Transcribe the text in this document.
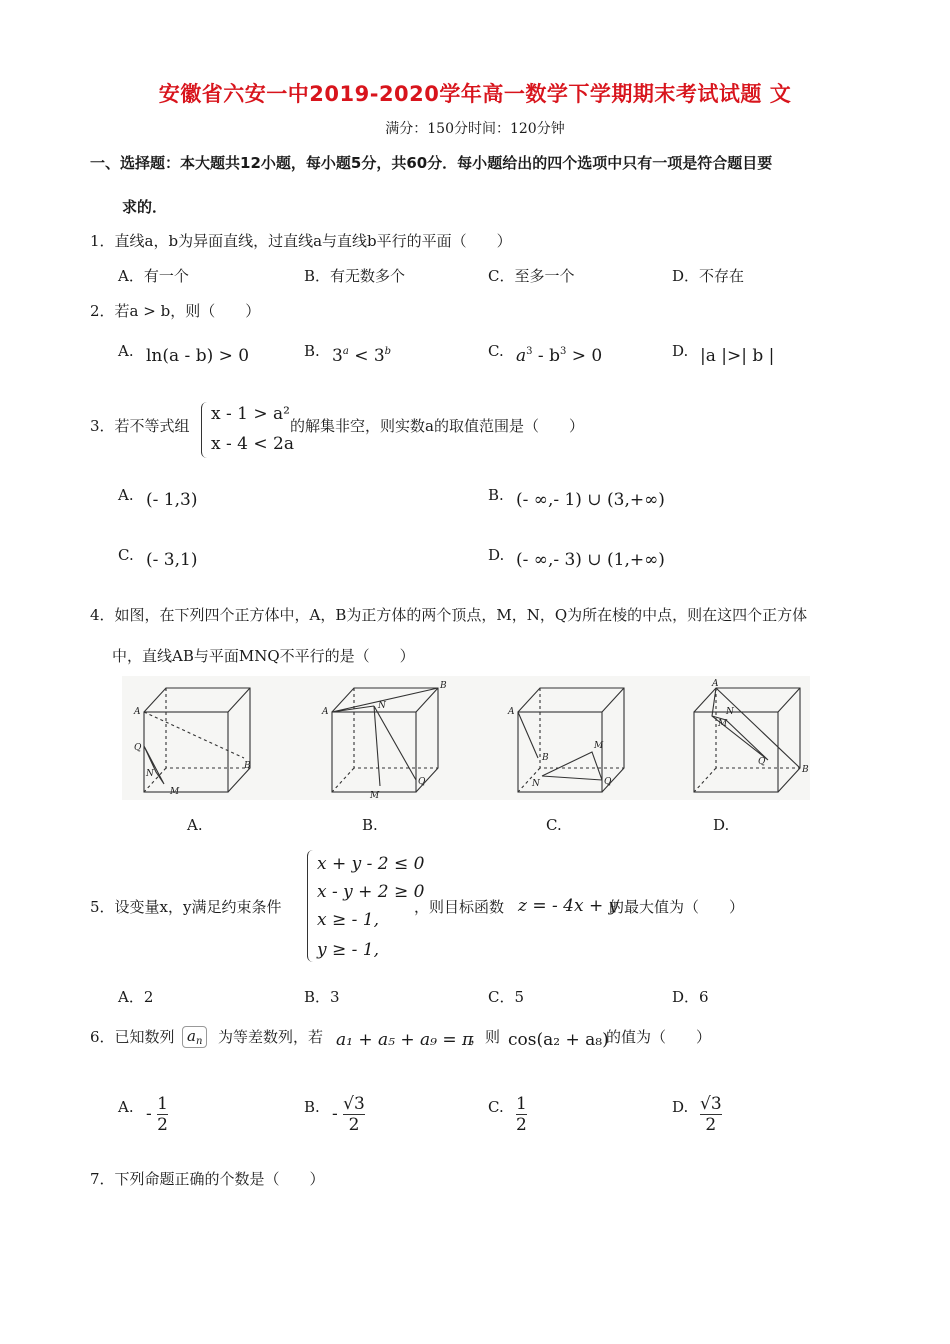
安徽省六安一中2019-2020学年高一数学下学期期末考试试题 文
满分：150分时间：120分钟
一、选择题：本大题共12小题，每小题5分，共60分．每小题给出的四个选项中只有一项是符合题目要
求的．
1．直线a，b为异面直线，过直线a与直线b平行的平面（　　）
A．有一个	B．有无数多个	C．至多一个	D．不存在
2．若a > b，则（　　）
A. ln(a - b) > 0	B. $3^a < 3^b$	C. $a^3 - b^3 > 0$	D. |a |>| b |
3．若不等式组
x - 1 > a²
x - 4 < 2a
的解集非空，则实数a的取值范围是（　　）
A. (- 1,3)	B. (- ∞,- 1) ∪ (3,+∞)
C. (- 3,1)	D. (- ∞,- 3) ∪ (1,+∞)
4．如图，在下列四个正方体中，A，B为正方体的两个顶点，M，N，Q为所在棱的中点，则在这四个正方体
中，直线AB与平面MNQ不平行的是（　　）
A
B
Q
N
M
A
B
N
M
Q
A
B
M
N	Q
A
B
N
M
Q
A.	B.	C.	D.
5．设变量x，y满足约束条件
x + y - 2 ≤ 0
x - y + 2 ≥ 0
x ≥ - 1,
y ≥ - 1,
，则目标函数 z = - 4x + y
的最大值为（　　）
A．2	B．3	C．5	D．6
6．已知数列 $a_n$	为等差数列，若 a₁ + a₅ + a₉ = π
，则 cos(a₂ + a₈)
的值为（　　）
A. - $\frac{1}{2}$	B. - $\frac{√3}{2}$	C. $\frac{1}{2}$	D. $\frac{√3}{2}$
7．下列命题正确的个数是（　　）
